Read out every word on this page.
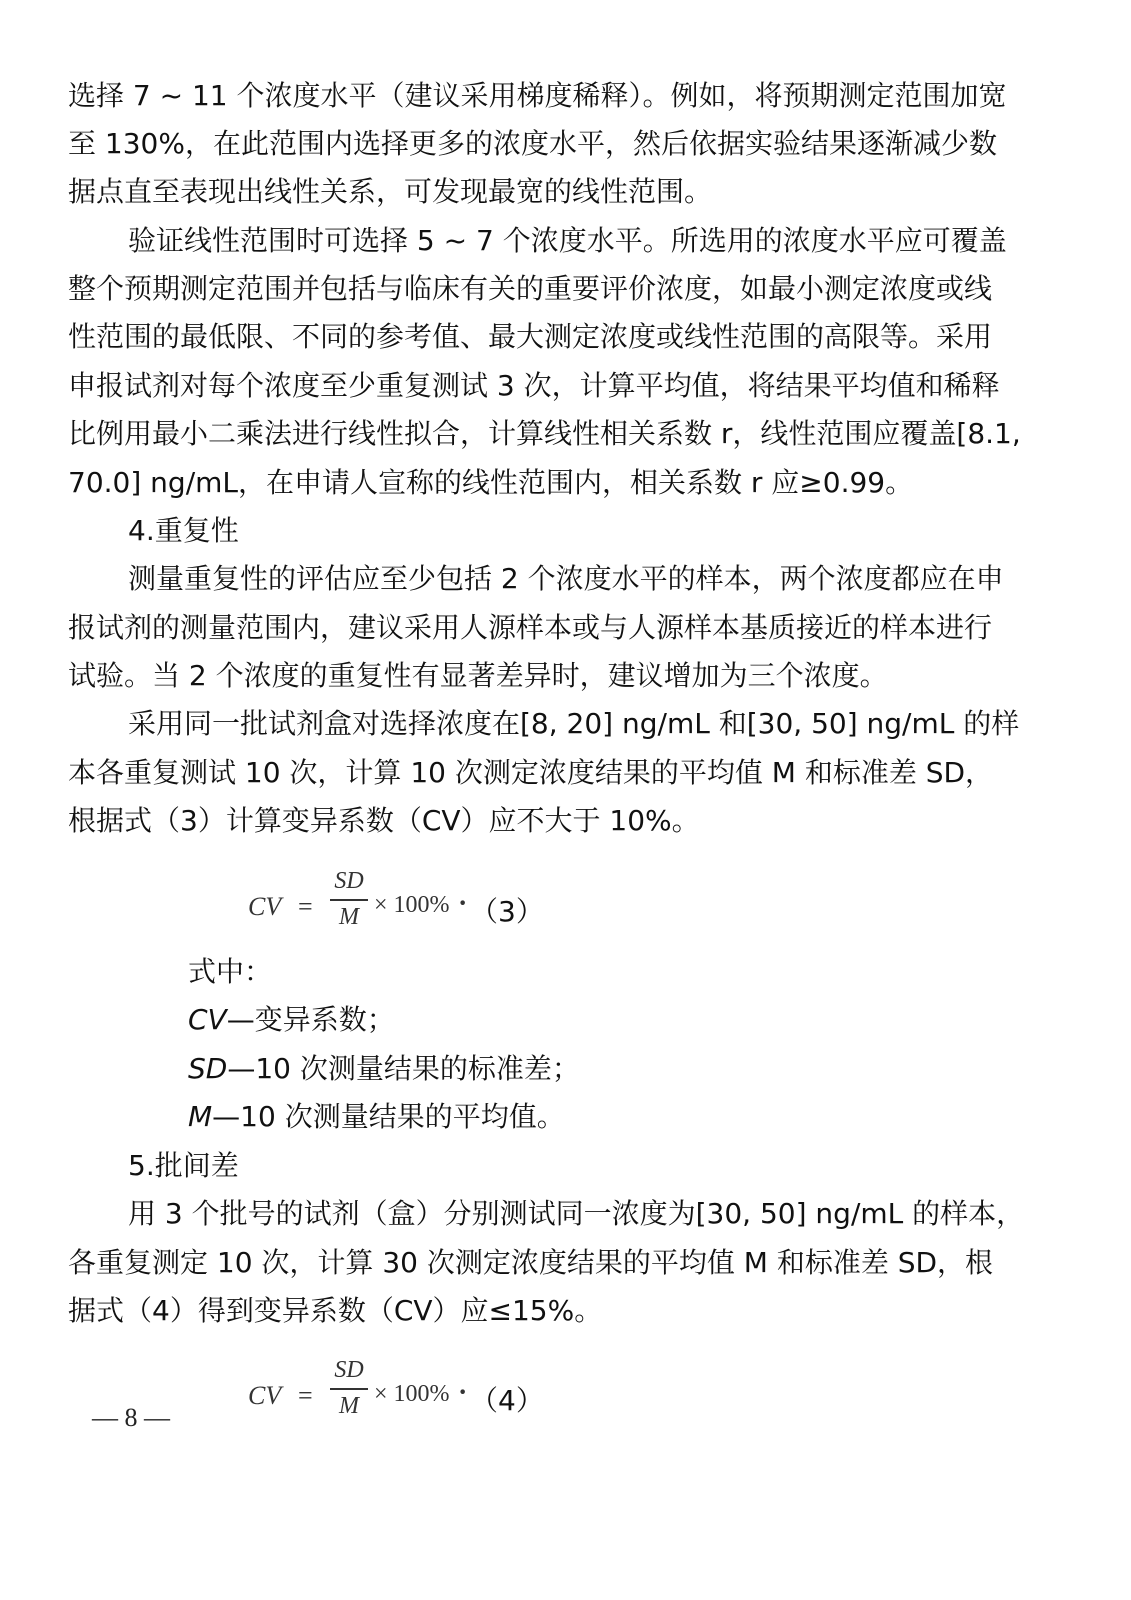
选择 7 ~ 11 个浓度水平（建议采用梯度稀释）。例如，将预期测定范围加宽
至 130%，在此范围内选择更多的浓度水平，然后依据实验结果逐渐减少数
据点直至表现出线性关系，可发现最宽的线性范围。
验证线性范围时可选择 5 ~ 7 个浓度水平。所选用的浓度水平应可覆盖
整个预期测定范围并包括与临床有关的重要评价浓度，如最小测定浓度或线
性范围的最低限、不同的参考值、最大测定浓度或线性范围的高限等。采用
申报试剂对每个浓度至少重复测试 3 次，计算平均值，将结果平均值和稀释
比例用最小二乘法进行线性拟合，计算线性相关系数 r，线性范围应覆盖[8.1,
70.0] ng/mL，在申请人宣称的线性范围内，相关系数 r 应≥0.99。
4.重复性
测量重复性的评估应至少包括 2 个浓度水平的样本，两个浓度都应在申
报试剂的测量范围内，建议采用人源样本或与人源样本基质接近的样本进行
试验。当 2 个浓度的重复性有显著差异时，建议增加为三个浓度。
采用同一批试剂盒对选择浓度在[8, 20] ng/mL 和[30, 50] ng/mL 的样
本各重复测试 10 次，计算 10 次测定浓度结果的平均值 M 和标准差 SD，
根据式（3）计算变异系数（CV）应不大于 10%。
CV =
SD
M × 100% · （3）
式中：
CV—变异系数；
SD—10 次测量结果的标准差；
M—10 次测量结果的平均值。
5.批间差
用 3 个批号的试剂（盒）分别测试同一浓度为[30, 50] ng/mL 的样本，
各重复测定 10 次，计算 30 次测定浓度结果的平均值 M 和标准差 SD，根
据式（4）得到变异系数（CV）应≤15%。
CV =
SD
M × 100% · （4）
— 8 —
